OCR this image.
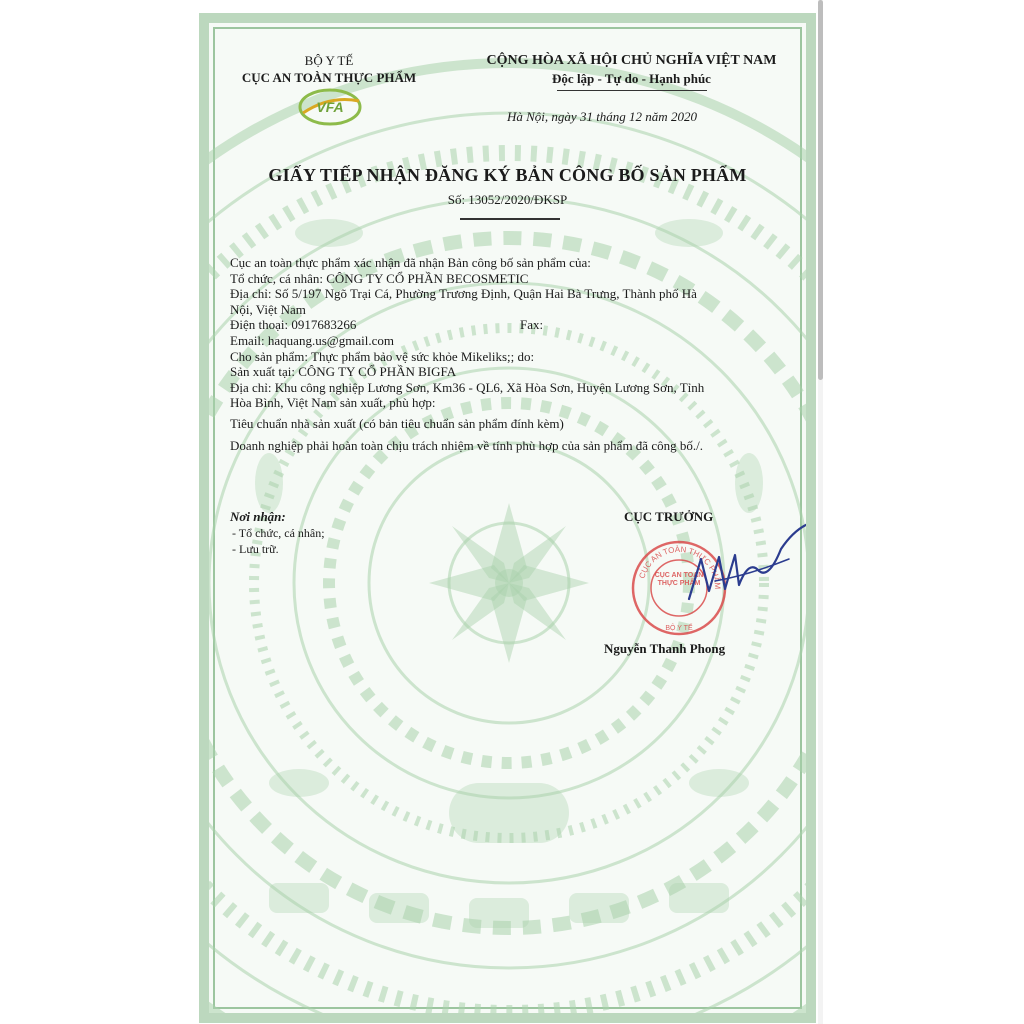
BỘ Y TẾ
CỤC AN TOÀN THỰC PHẨM
VFA
CỘNG HÒA XÃ HỘI CHỦ NGHĨA VIỆT NAM
Độc lập - Tự do - Hạnh phúc
Hà Nội, ngày 31 tháng 12 năm 2020
GIẤY TIẾP NHẬN ĐĂNG KÝ BẢN CÔNG BỐ SẢN PHẨM
Số: 13052/2020/ĐKSP
Cục an toàn thực phẩm xác nhận đã nhận Bản công bố sản phẩm của:
Tổ chức, cá nhân: CÔNG TY CỔ PHẦN BECOSMETIC
Địa chỉ: Số 5/197 Ngõ Trại Cá, Phường Trương Định, Quận Hai Bà Trưng, Thành phố Hà
Nội, Việt Nam
Điện thoại: 0917683266	Fax:
Email: haquang.us@gmail.com
Cho sản phẩm: Thực phẩm bảo vệ sức khỏe Mikeliks;; do:
Sản xuất tại: CÔNG TY CỔ PHẦN BIGFA
Địa chỉ: Khu công nghiệp Lương Sơn, Km36 - QL6, Xã Hòa Sơn, Huyện Lương Sơn, Tỉnh
Hòa Bình, Việt Nam sản xuất, phù hợp:
Tiêu chuẩn nhà sản xuất (có bản tiêu chuẩn sản phẩm đính kèm)
Doanh nghiệp phải hoàn toàn chịu trách nhiệm về tính phù hợp của sản phẩm đã công bố./.
Nơi nhận:
- Tổ chức, cá nhân;
- Lưu trữ.
CỤC TRƯỞNG
CỤC AN TOÀN THỰC PHẨM
BỘ Y TẾ
CỤC AN TOÀN THỰC PHẨM
Nguyễn Thanh Phong
